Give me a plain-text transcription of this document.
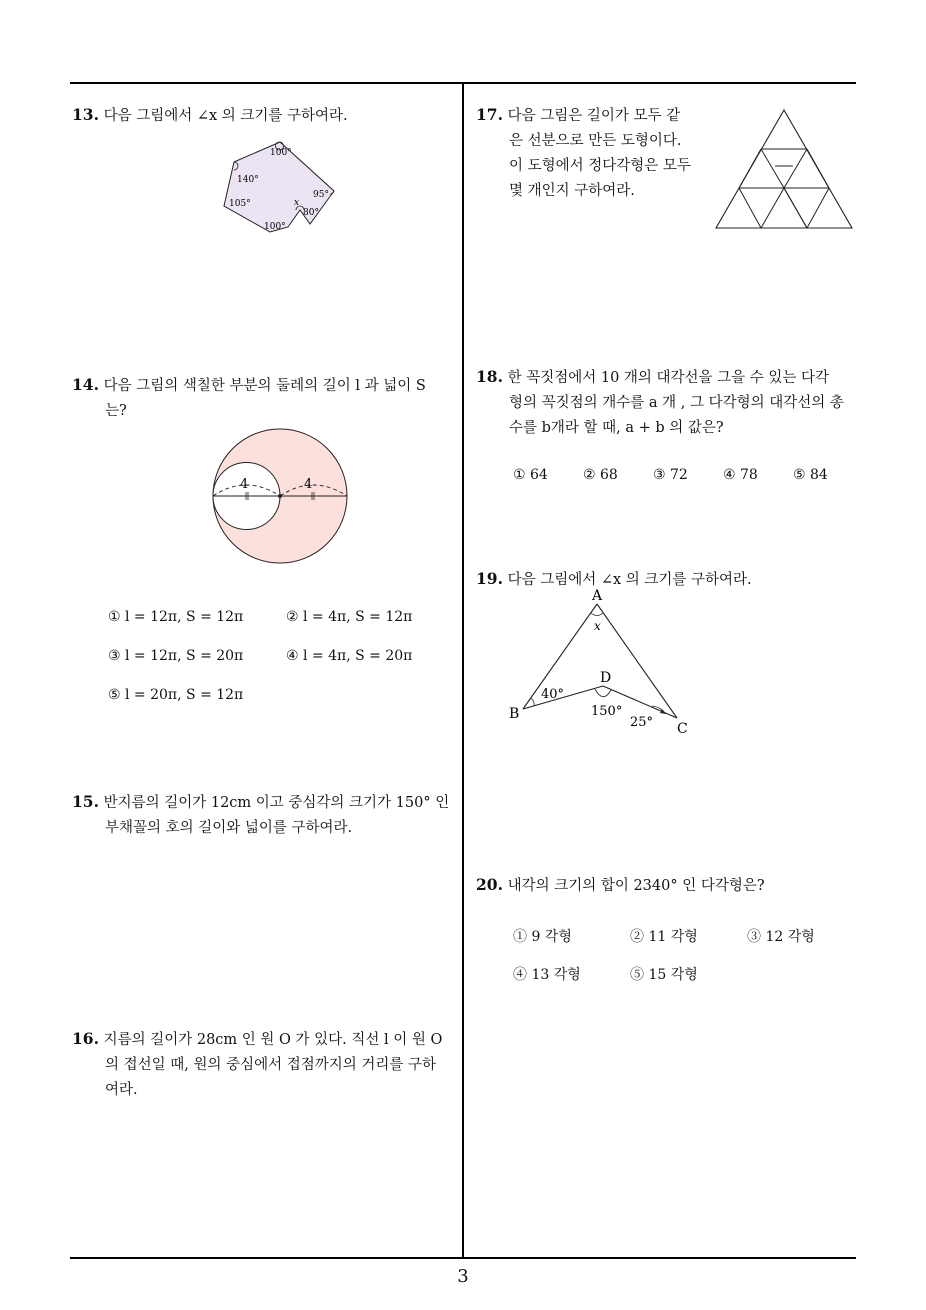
13. 다음 그림에서 ∠x 의 크기를 구하여라.
100°
140°
95°
105°	x
80°
100°
14. 다음 그림의 색칠한 부분의 둘레의 길이 l 과 넓이 S
는?
4	4
① l = 12π, S = 12π	② l = 4π, S = 12π
③ l = 12π, S = 20π	④ l = 4π, S = 20π
⑤ l = 20π, S = 12π
15. 반지름의 길이가 12cm 이고 중심각의 크기가 150° 인
부채꼴의 호의 길이와 넓이를 구하여라.
16. 지름의 길이가 28cm 인 원 O 가 있다. 직선 l 이 원 O
의 접선일 때, 원의 중심에서 접점까지의 거리를 구하
여라.
17. 다음 그림은 길이가 모두 같
은 선분으로 만든 도형이다.
이 도형에서 정다각형은 모두
몇 개인지 구하여라.
18. 한 꼭짓점에서 10 개의 대각선을 그을 수 있는 다각
형의 꼭짓점의 개수를 a 개 , 그 다각형의 대각선의 총
수를 b개라 할 때, a + b 의 값은?
① 64	② 68	③ 72	④ 78	⑤ 84
19. 다음 그림에서 ∠x 의 크기를 구하여라.
A
x
D
40°
B	150°
25° C
20. 내각의 크기의 합이 2340° 인 다각형은?
① 9 각형	② 11 각형	③ 12 각형
④ 13 각형	⑤ 15 각형
3
